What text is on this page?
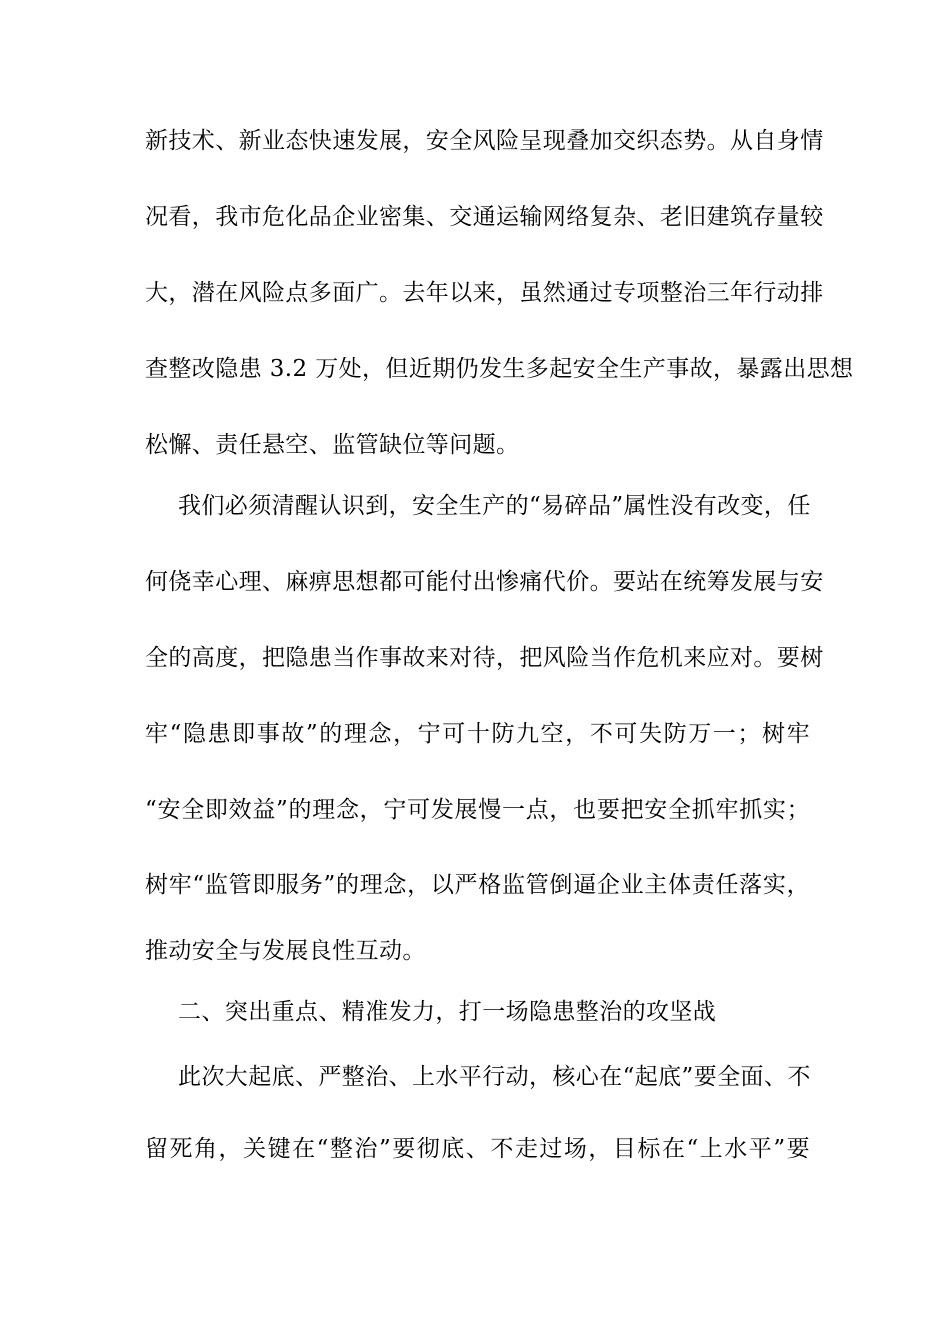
新技术、新业态快速发展，安全风险呈现叠加交织态势。从自身情
况看，我市危化品企业密集、交通运输网络复杂、老旧建筑存量较
大，潜在风险点多面广。去年以来，虽然通过专项整治三年行动排
查整改隐患 3.2 万处，但近期仍发生多起安全生产事故，暴露出思想
松懈、责任悬空、监管缺位等问题。
我们必须清醒认识到，安全生产的“易碎品”属性没有改变，任
何侥幸心理、麻痹思想都可能付出惨痛代价。要站在统筹发展与安
全的高度，把隐患当作事故来对待，把风险当作危机来应对。要树
牢“隐患即事故”的理念，宁可十防九空，不可失防万一；树牢
“安全即效益”的理念，宁可发展慢一点，也要把安全抓牢抓实；
树牢“监管即服务”的理念，以严格监管倒逼企业主体责任落实，
推动安全与发展良性互动。
二、突出重点、精准发力，打一场隐患整治的攻坚战
此次大起底、严整治、上水平行动，核心在“起底”要全面、不
留死角，关键在“整治”要彻底、不走过场，目标在“上水平”要
